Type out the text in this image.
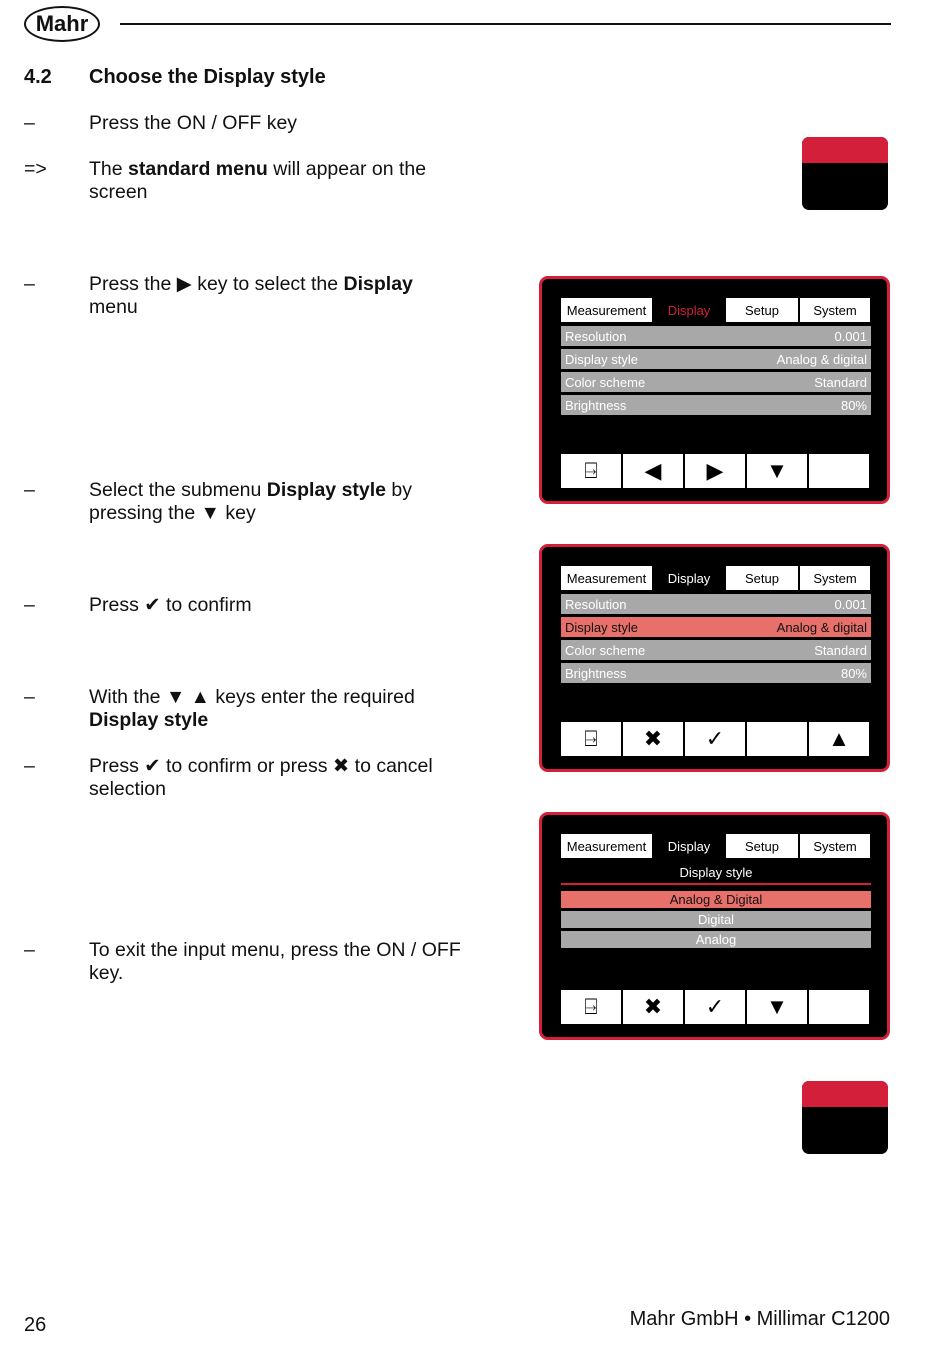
Mahr
4.2 Choose the Display style
–	Press the ON / OFF key
=>	The standard menu will appear on the screen
–	Press the ▶ key to select the Display menu
–	Select the submenu Display style by pressing the ▼ key
–	Press ✔ to confirm
–	With the ▼ ▲ keys enter the required Display style
–	Press ✔ to confirm or press ✖ to cancel selection
–	To exit the input menu, press the ON / OFF key.
Measurement	Display	Setup	System
Resolution	0.001
Display style	Analog & digital
Color scheme	Standard
Brightness	80%
⍈	◀	▶	▼
Measurement	Display	Setup	System
Resolution	0.001
Display style	Analog & digital
Color scheme	Standard
Brightness	80%
⍈	✖	✓	▲
Measurement	Display	Setup	System
Display style
Analog & Digital
Digital
Analog
⍈	✖	✓	▼
26	Mahr GmbH • Millimar C1200
